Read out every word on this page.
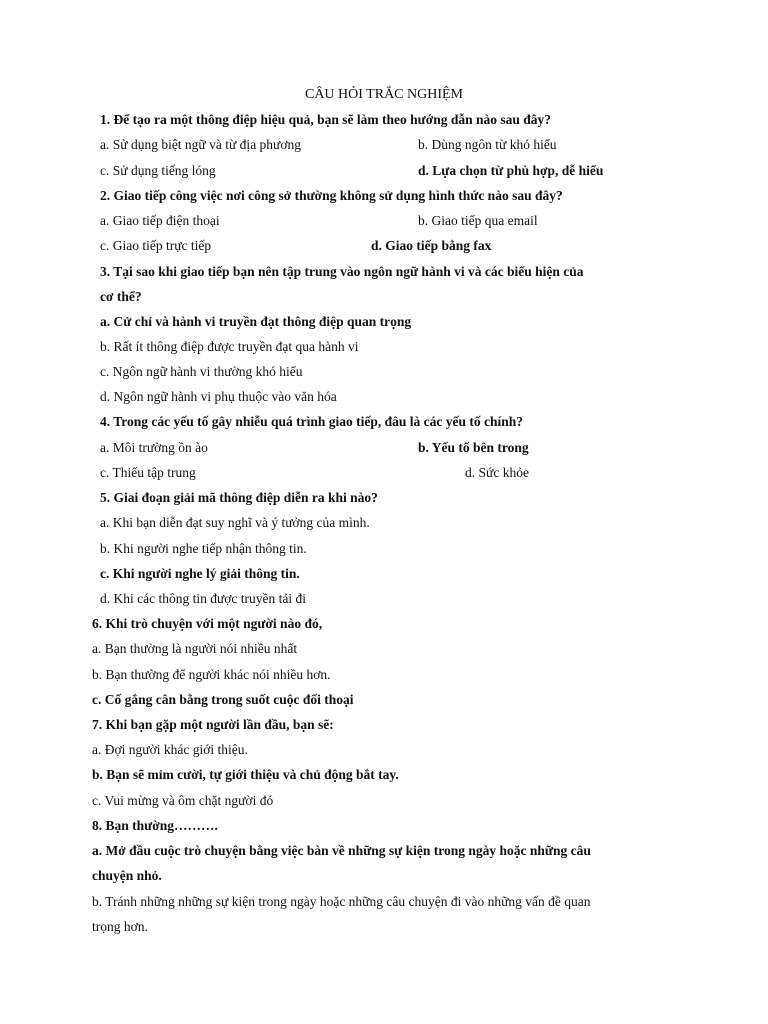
CÂU HỎI TRẮC NGHIỆM
1. Để tạo ra một thông điệp hiệu quả, bạn sẽ làm theo hướng dẫn nào sau đây?
a. Sử dụng biệt ngữ và từ địa phương	b. Dùng ngôn từ khó hiểu
c. Sử dụng tiếng lóng	d. Lựa chọn từ phù hợp, dễ hiểu
2. Giao tiếp công việc nơi công sở thường không sử dụng hình thức nào sau đây?
a. Giao tiếp điện thoại	b. Giao tiếp qua email
c. Giao tiếp trực tiếp	d. Giao tiếp bằng fax
3. Tại sao khi giao tiếp bạn nên tập trung vào ngôn ngữ hành vi và các biểu hiện của
cơ thể?
a. Cử chỉ và hành vi truyền đạt thông điệp quan trọng
b. Rất ít thông điệp được truyền đạt qua hành vi
c. Ngôn ngữ hành vi thường khó hiểu
d. Ngôn ngữ hành vi phụ thuộc vào văn hóa
4. Trong các yếu tố gây nhiễu quá trình giao tiếp, đâu là các yếu tố chính?
a. Môi trường ồn ào	b. Yếu tố bên trong
c. Thiếu tập trung	d. Sức khỏe
5. Giai đoạn giải mã thông điệp diễn ra khi nào?
a. Khi bạn diễn đạt suy nghĩ và ý tưởng của mình.
b. Khi người nghe tiếp nhận thông tin.
c. Khi người nghe lý giải thông tin.
d. Khi các thông tin được truyền tải đi
6. Khi trò chuyện với một người nào đó,
a. Bạn thường là người nói nhiều nhất
b. Bạn thường để người khác nói nhiều hơn.
c. Cố gắng cân bằng trong suốt cuộc đối thoại
7. Khi bạn gặp một người lần đầu, bạn sẽ:
a. Đợi người khác giới thiệu.
b. Bạn sẽ mỉm cười, tự giới thiệu và chủ động bắt tay.
c. Vui mừng và ôm chặt người đó
8. Bạn thường……….
a. Mở đầu cuộc trò chuyện bằng việc bàn về những sự kiện trong ngày hoặc những câu
chuyện nhỏ.
b. Tránh những những sự kiện trong ngày hoặc những câu chuyện đi vào những vấn đề quan
trọng hơn.
